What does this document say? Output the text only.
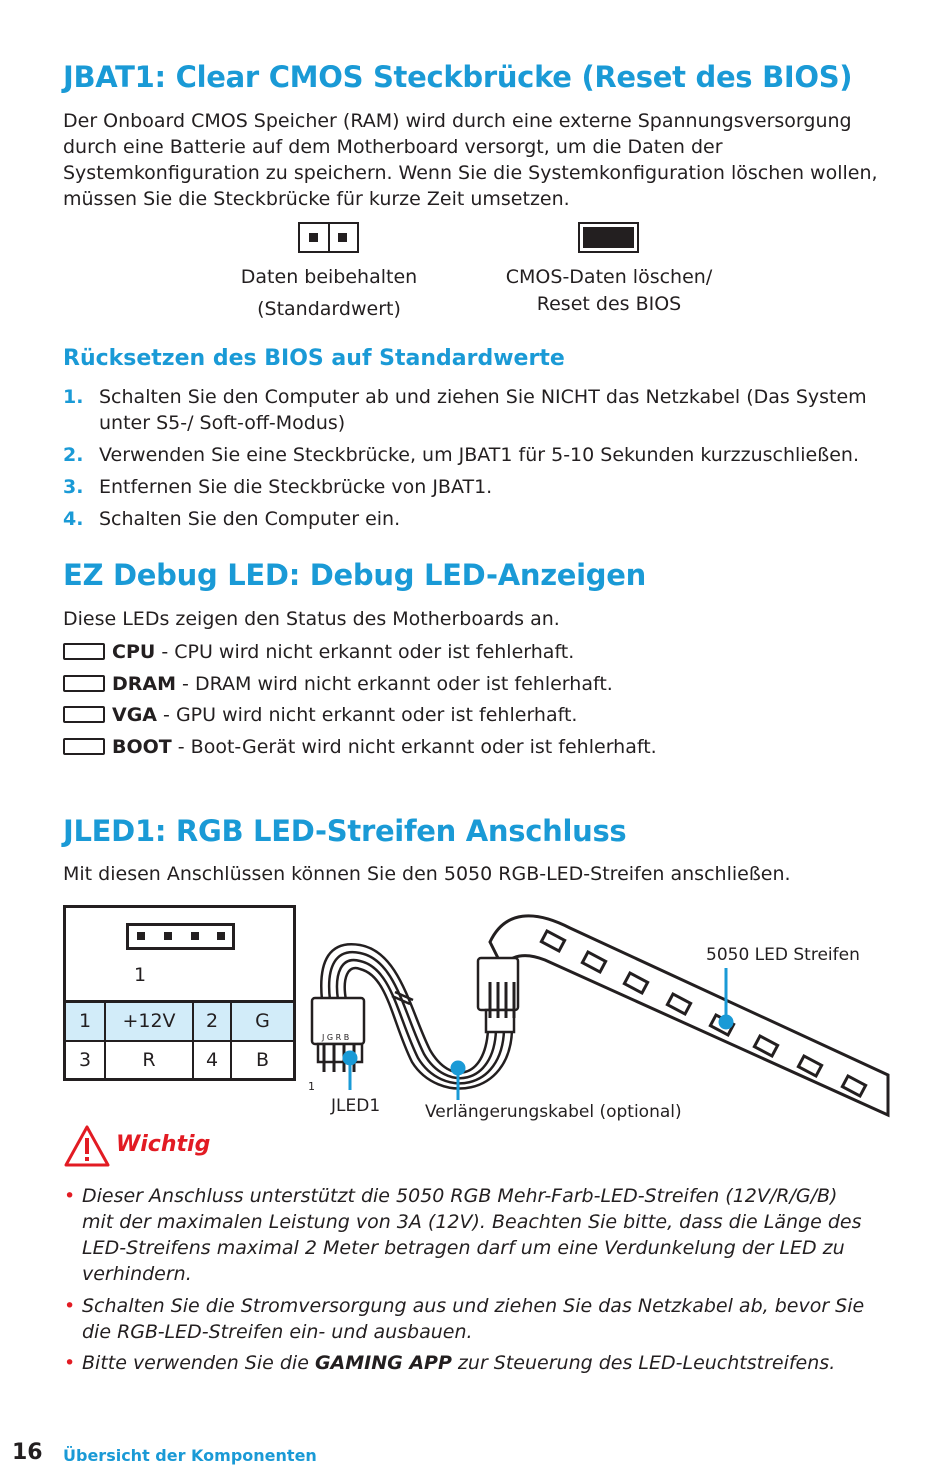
JBAT1: Clear CMOS Steckbrücke (Reset des BIOS)
Der Onboard CMOS Speicher (RAM) wird durch eine externe Spannungsversorgung
durch eine Batterie auf dem Motherboard versorgt, um die Daten der
Systemkonfiguration zu speichern. Wenn Sie die Systemkonfiguration löschen wollen,
müssen Sie die Steckbrücke für kurze Zeit umsetzen.
Daten beibehalten
(Standardwert)
CMOS-Daten löschen/
Reset des BIOS
Rücksetzen des BIOS auf Standardwerte
1. Schalten Sie den Computer ab und ziehen Sie NICHT das Netzkabel (Das System
unter S5-/ Soft-off-Modus)
2. Verwenden Sie eine Steckbrücke, um JBAT1 für 5-10 Sekunden kurzzuschließen.
3. Entfernen Sie die Steckbrücke von JBAT1.
4. Schalten Sie den Computer ein.
EZ Debug LED: Debug LED-Anzeigen
Diese LEDs zeigen den Status des Motherboards an.
CPU - CPU wird nicht erkannt oder ist fehlerhaft.
DRAM - DRAM wird nicht erkannt oder ist fehlerhaft.
VGA - GPU wird nicht erkannt oder ist fehlerhaft.
BOOT - Boot-Gerät wird nicht erkannt oder ist fehlerhaft.
JLED1: RGB LED-Streifen Anschluss
Mit diesen Anschlüssen können Sie den 5050 RGB-LED-Streifen anschließen.
1
1	+12V	2	G
3	R	4	B
J G R B
1
5050 LED Streifen
JLED1	Verlängerungskabel (optional)
Wichtig
• Dieser Anschluss unterstützt die 5050 RGB Mehr-Farb-LED-Streifen (12V/R/G/B)
mit der maximalen Leistung von 3A (12V). Beachten Sie bitte, dass die Länge des
LED-Streifens maximal 2 Meter betragen darf um eine Verdunkelung der LED zu
verhindern.
• Schalten Sie die Stromversorgung aus und ziehen Sie das Netzkabel ab, bevor Sie
die RGB-LED-Streifen ein- und ausbauen.
• Bitte verwenden Sie die GAMING APP zur Steuerung des LED-Leuchtstreifens.
16 Übersicht der Komponenten
